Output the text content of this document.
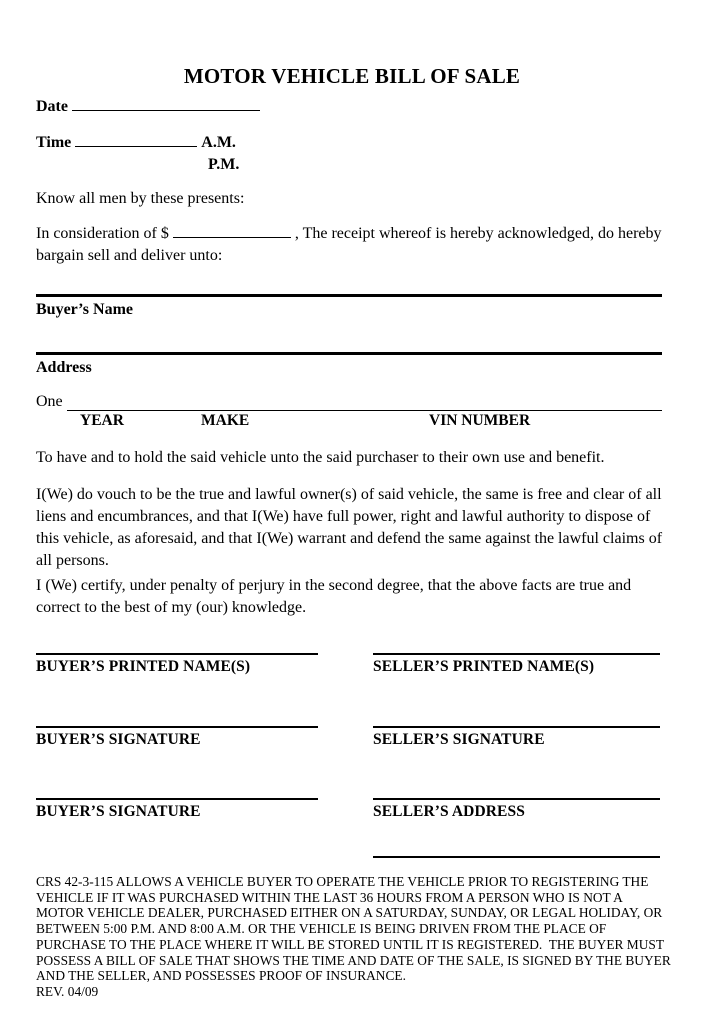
MOTOR VEHICLE BILL OF SALE
Date
Time	A.M.
P.M.

Know all men by these presents:

In consideration of $	, The receipt whereof is hereby acknowledged, do hereby bargain sell and deliver unto:

Buyer’s Name
Address
One
YEAR	MAKE	VIN NUMBER

To have and to hold the said vehicle unto the said purchaser to their own use and benefit.

I(We) do vouch to be the true and lawful owner(s) of said vehicle, the same is free and clear of all liens and encumbrances, and that I(We) have full power, right and lawful authority to dispose of this vehicle, as aforesaid, and that I(We) warrant and defend the same against the lawful claims of all persons.

I (We) certify, under penalty of perjury in the second degree, that the above facts are true and correct to the best of my (our) knowledge.

BUYER’S PRINTED NAME(S)	SELLER’S PRINTED NAME(S)
BUYER’S SIGNATURE	SELLER’S SIGNATURE
BUYER’S SIGNATURE	SELLER’S ADDRESS

CRS 42-3-115 ALLOWS A VEHICLE BUYER TO OPERATE THE VEHICLE PRIOR TO REGISTERING THE VEHICLE IF IT WAS PURCHASED WITHIN THE LAST 36 HOURS FROM A PERSON WHO IS NOT A MOTOR VEHICLE DEALER, PURCHASED EITHER ON A SATURDAY, SUNDAY, OR LEGAL HOLIDAY, OR BETWEEN 5:00 P.M. AND 8:00 A.M. OR THE VEHICLE IS BEING DRIVEN FROM THE PLACE OF PURCHASE TO THE PLACE WHERE IT WILL BE STORED UNTIL IT IS REGISTERED.  THE BUYER MUST POSSESS A BILL OF SALE THAT SHOWS THE TIME AND DATE OF THE SALE, IS SIGNED BY THE BUYER AND THE SELLER, AND POSSESSES PROOF OF INSURANCE.

REV. 04/09
